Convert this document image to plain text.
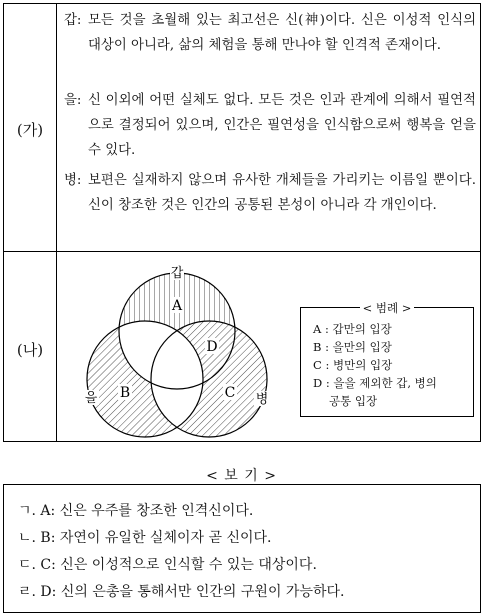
(가)
갑: 모든 것을 초월해 있는 최고선은 신(神)이다. 신은 이성적 인식의 대상이 아니라, 삶의 체험을 통해 만나야 할 인격적 존재이다.
을: 신 이외에 어떤 실체도 없다. 모든 것은 인과 관계에 의해서 필연적으로 결정되어 있으며, 인간은 필연성을 인식함으로써 행복을 얻을 수 있다.
병: 보편은 실재하지 않으며 유사한 개체들을 가리키는 이름일 뿐이다. 신이 창조한 것은 인간의 공통된 본성이 아니라 각 개인이다.
(나)
갑
을	병
A
B	C
D
< 범례 >
A : 갑만의 입장
B : 을만의 입장
C : 병만의 입장
D : 을을 제외한 갑, 병의
공통 입장
< 보 기 >
ㄱ. A: 신은 우주를 창조한 인격신이다.
ㄴ. B: 자연이 유일한 실체이자 곧 신이다.
ㄷ. C: 신은 이성적으로 인식할 수 있는 대상이다.
ㄹ. D: 신의 은총을 통해서만 인간의 구원이 가능하다.
